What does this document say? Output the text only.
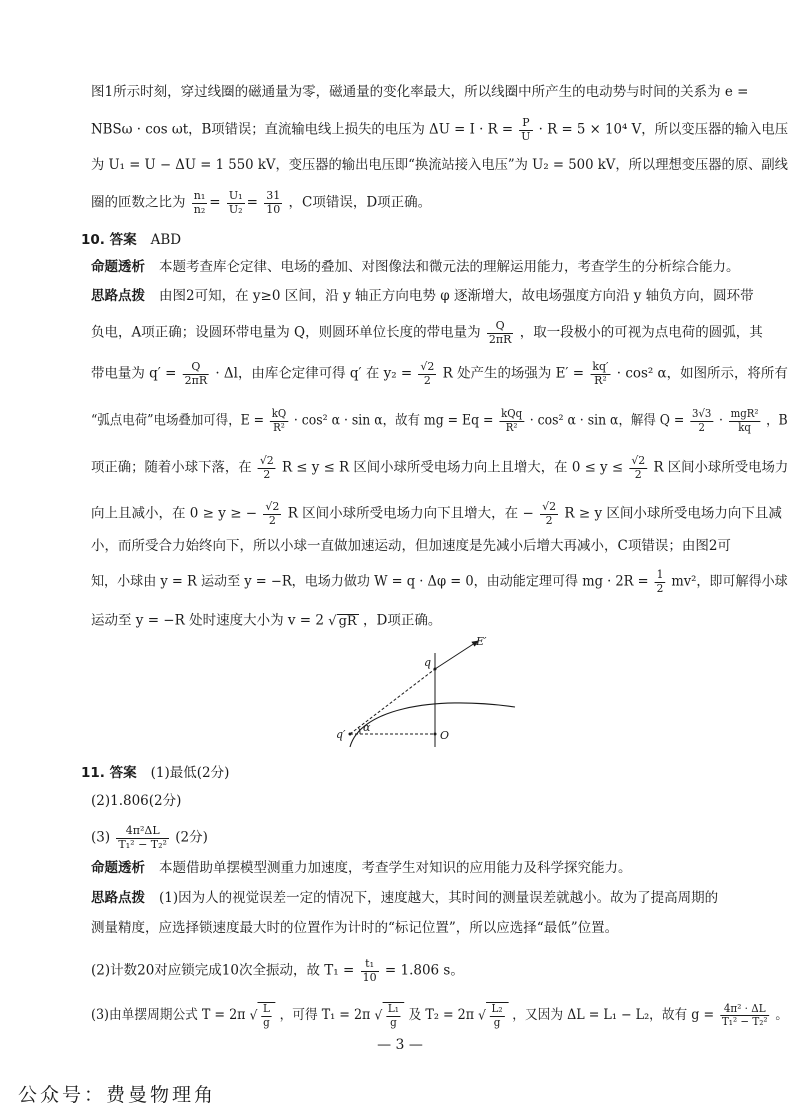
图1所示时刻，穿过线圈的磁通量为零，磁通量的变化率最大，所以线圈中所产生的电动势与时间的关系为 e =
NBSω · cos ωt，B项错误；直流输电线上损失的电压为 $\Delta U = I \cdot R = \frac{P}{U} \cdot R = 5 \times 10^4$ V，所以变压器的输入电压
为 U₁ = U − ΔU = 1 550 kV，变压器的输出电压即“换流站接入电压”为 U₂ = 500 kV，所以理想变压器的原、副线
圈的匝数之比为 $\frac{\text{n₁}}{\text{n₂}} = \frac{\text{U₁}}{\text{U₂}} = \frac{31}{10}$ ，C项错误，D项正确。
10. 答案 ABD
命题透析 本题考查库仑定律、电场的叠加、对图像法和微元法的理解运用能力，考查学生的分析综合能力。
思路点拨 由图2可知，在 y≥0 区间，沿 y 轴正方向电势 φ 逐渐增大，故电场强度方向沿 y 轴负方向，圆环带
负电，A项正确；设圆环带电量为 Q，则圆环单位长度的带电量为 $\frac{Q}{2\pi R}$ ，取一段极小的可视为点电荷的圆弧，其
带电量为 $q' = \frac{Q}{2\pi R} \cdot \Delta l$，由库仑定律可得 q′ 在 $y_2 = \frac{√2}{2}$ R 处产生的场强为 $E' = \frac{kq'}{\text{R²}} \cdot \cos^2$ α，如图所示，将所有
“弧点电荷”电场叠加可得，$E = \frac{kQ}{\text{R²}} \cdot \cos^2$ α · sin α，故有 mg = $Eq = \frac{\text{kQq}}{\text{R²}} \cdot \cos^2$ α · sin α，解得 $Q = \frac{3√3}{2} \cdot \frac{\text{mgR²}}{kq}$ ，B
项正确；随着小球下落，在 $\frac{√2}{2}$ R ≤ y ≤ R 区间小球所受电场力向上且增大，在 $0 \le y \le \frac{√2}{2}$ R 区间小球所受电场力
向上且减小，在 0 ≥ y ≥ − $\frac{√2}{2}$ R 区间小球所受电场力向下且增大，在 − $\frac{√2}{2}$ R ≥ y 区间小球所受电场力向下且减
小，而所受合力始终向下，所以小球一直做加速运动，但加速度是先减小后增大再减小，C项错误；由图2可
知，小球由 y = R 运动至 y = −R，电场力做功 W = q · Δφ = 0，由动能定理可得 mg · $2R = \frac{1}{2} mv^2$，即可解得小球
运动至 y = −R 处时速度大小为 v = 2 √ gR ，D项正确。
E′
q
q′
α
O
11. 答案 (1)最低(2分)
(2)1.806(2分)
$(3) \frac{\text{4π²ΔL}}{\text{T₁² − T₂²}} (2$分)
命题透析 本题借助单摆模型测重力加速度，考查学生对知识的应用能力及科学探究能力。
思路点拨 (1)因为人的视觉误差一定的情况下，速度越大，其时间的测量误差就越小。故为了提高周期的
测量精度，应选择锁速度最大时的位置作为计时的“标记位置”，所以应选择“最低”位置。
(2)计数20对应锁完成10次全振动，故 $T_1 = \frac{\text{t₁}}{10} = 1.806$ s。
(3)由单摆周期公式 T = 2π √ $\frac{L}{g}$ ，可得 T₁ = 2π √ $\frac{\text{L₁}}{g}$ 及 T₂ = 2π √ $\frac{\text{L₂}}{g}$ ，又因为 ΔL = L₁ − L₂，故有 $g = \frac{\text{4π² · ΔL}}{\text{T₁² − T₂²}}$ 。
— 3 —
公众号：费曼物理角
